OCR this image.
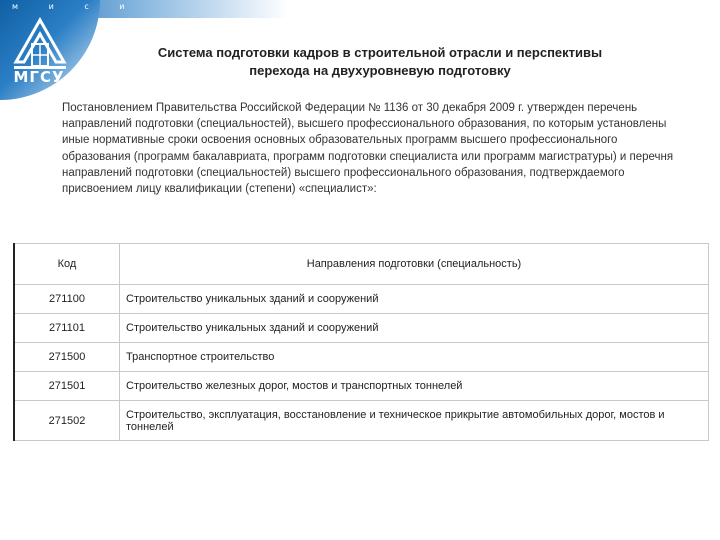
м и с и
МГСУ
Система подготовки кадров в строительной отрасли и перспективы
перехода на двухуровневую подготовку
Постановлением Правительства Российской Федерации № 1136 от 30 декабря 2009 г. утвержден перечень направлений подготовки (специальностей), высшего профессионального образования, по которым установлены иные нормативные сроки освоения основных образовательных программ высшего профессионального образования (программ бакалавриата, программ подготовки специалиста или программ магистратуры) и перечня направлений подготовки (специальностей) высшего профессионального образования, подтверждаемого присвоением лицу квалификации (степени) «специалист»:
Код	Направления подготовки (специальность)
271100	Строительство уникальных зданий и сооружений
271101	Строительство уникальных зданий и сооружений
271500	Транспортное строительство
271501	Строительство железных дорог, мостов и транспортных тоннелей
271502	Строительство, эксплуатация, восстановление и техническое прикрытие автомобильных дорог, мостов и тоннелей
